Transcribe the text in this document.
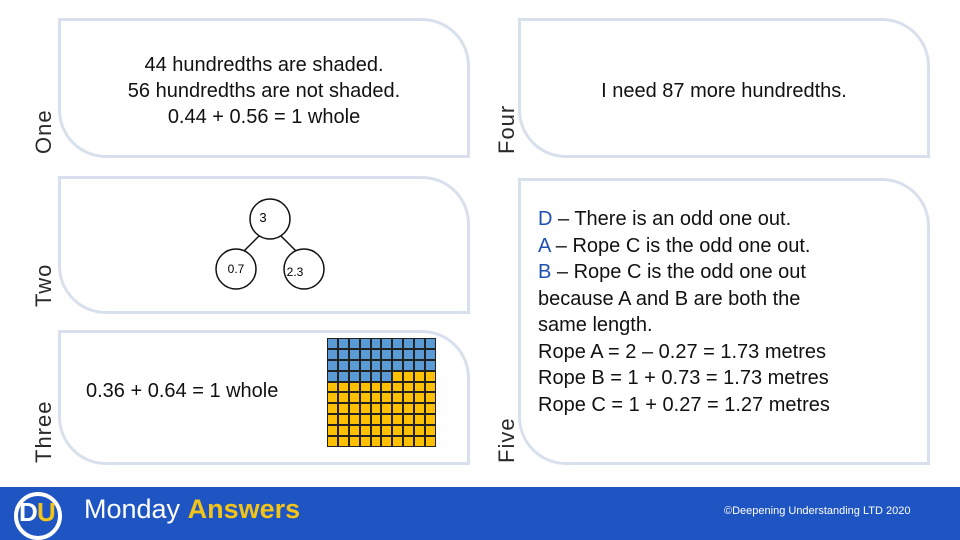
One
44 hundredths are shaded.
56 hundredths are not shaded.
0.44 + 0.56 = 1 whole
Two
3
0.7	2.3
Three
0.36 + 0.64 = 1 whole
Four
I need 87 more hundredths.
Five
D – There is an odd one out.
A – Rope C is the odd one out.
B – Rope C is the odd one out
because A and B are both the
same length.
Rope A = 2 – 0.27 = 1.73 metres
Rope B = 1 + 0.73 = 1.73 metres
Rope C = 1 + 0.27 = 1.27 metres
D U Monday Answers	©Deepening Understanding LTD 2020
